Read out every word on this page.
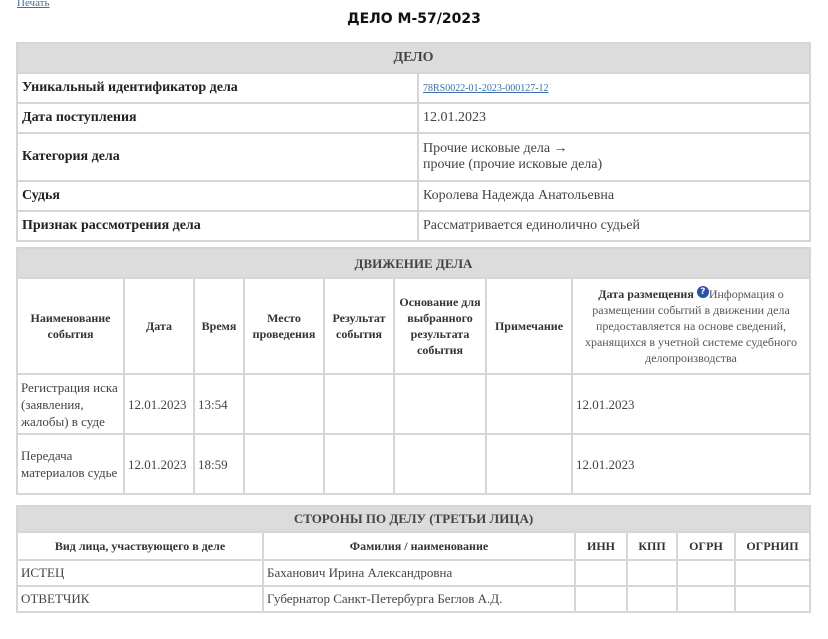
Печать
ДЕЛО М-57/2023
ДЕЛО	
Уникальный идентификатор дела	78RS0022-01-2023-000127-12
Дата поступления	12.01.2023
Категория дела	Прочие исковые дела →
прочие (прочие исковые дела)

Судья	Королева Надежда Анатольевна
Признак рассмотрения дела	Рассматривается единолично судьей
ДВИЖЕНИЕ ДЕЛА							
Наименование события	Дата	Время	Место проведения	Результат события	Основание для выбранного результата события	Примечание	Дата размещения ? Информация о размещении событий в движении дела предоставляется на основе сведений, хранящихся в учетной системе судебного делопроизводства
Регистрация иска (заявления, жалобы) в суде	12.01.2023	13:54					12.01.2023
Передача материалов судье	12.01.2023	18:59					12.01.2023
СТОРОНЫ ПО ДЕЛУ (ТРЕТЬИ ЛИЦА)					
Вид лица, участвующего в деле	Фамилия / наименование	ИНН	КПП	ОГРН	ОГРНИП
ИСТЕЦ	Баханович Ирина Александровна				
ОТВЕТЧИК	Губернатор Санкт-Петербурга Беглов А.Д.				
